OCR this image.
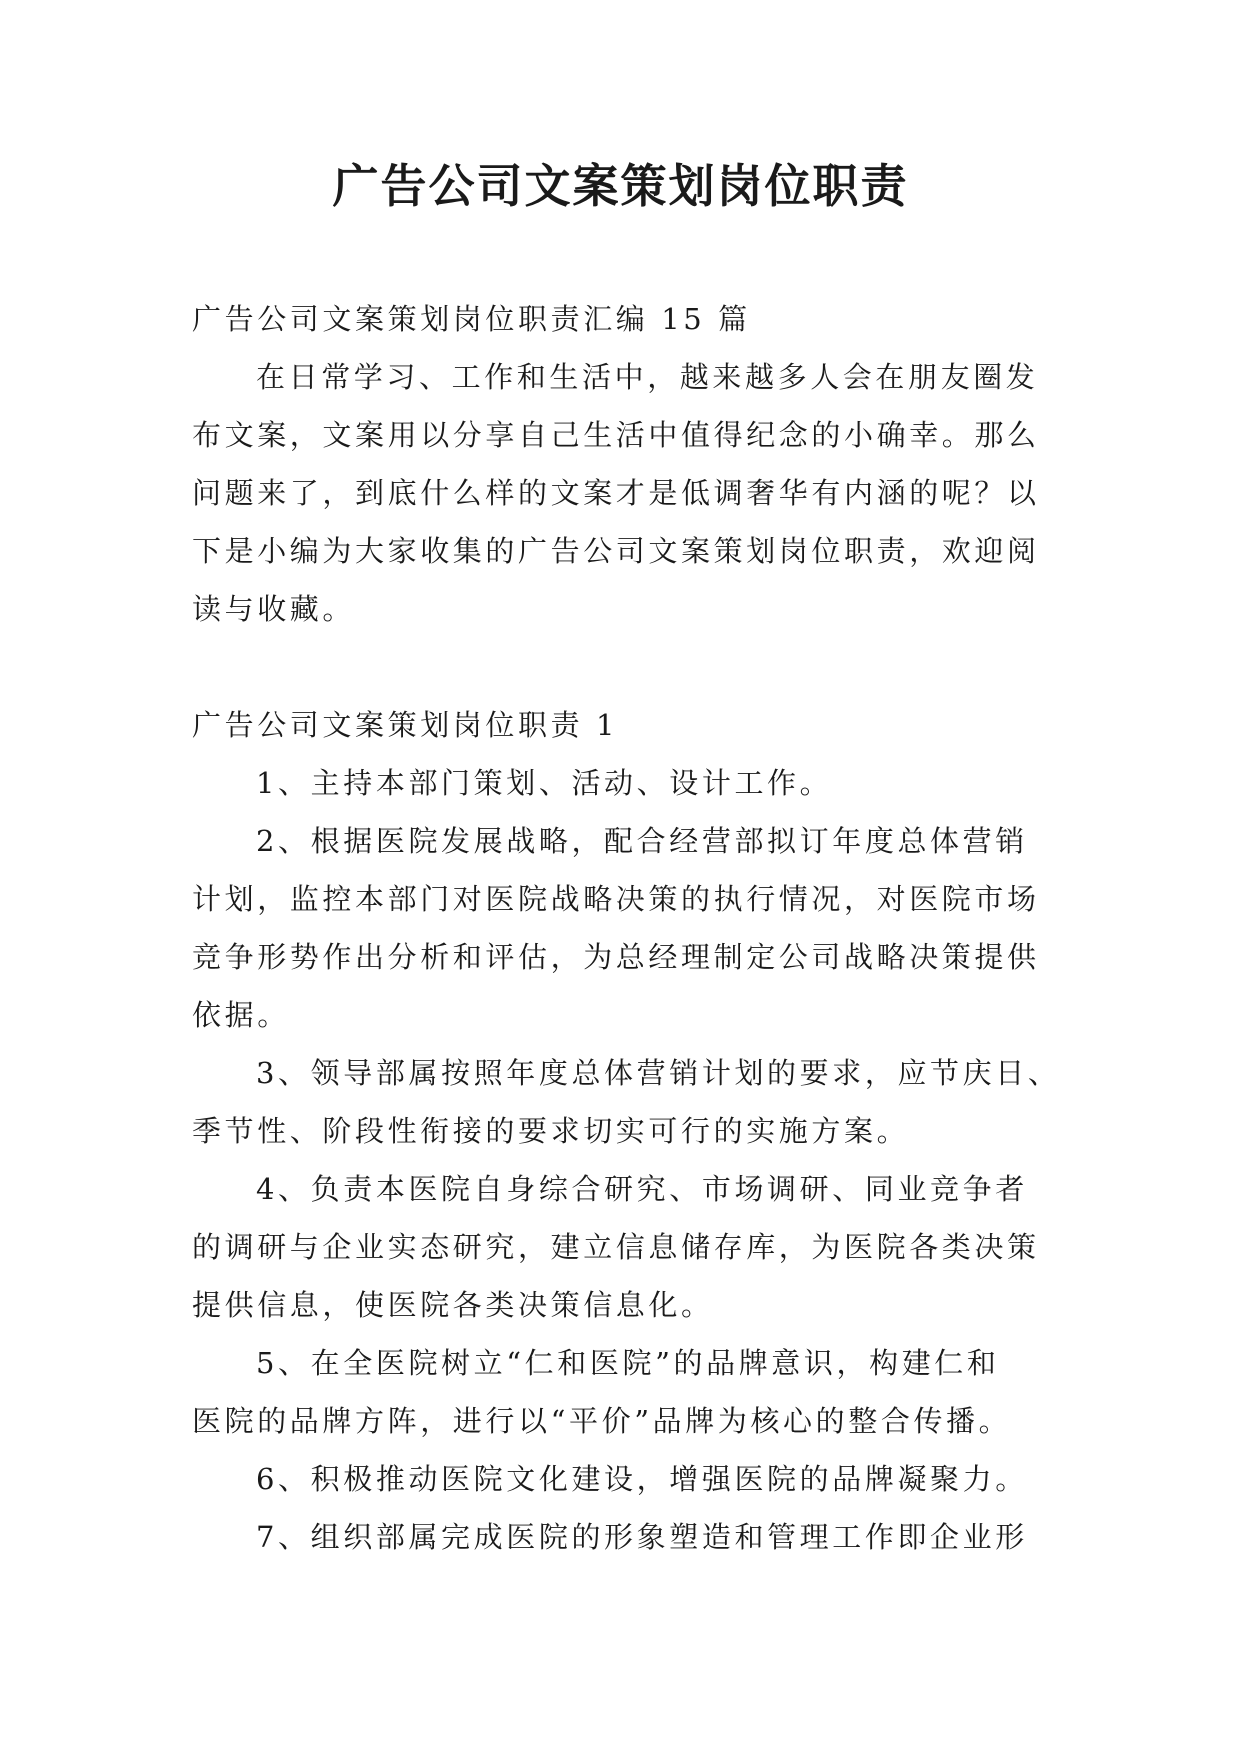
广告公司文案策划岗位职责
广告公司文案策划岗位职责汇编 15 篇
在日常学习、工作和生活中，越来越多人会在朋友圈发
布文案，文案用以分享自己生活中值得纪念的小确幸。那么
问题来了，到底什么样的文案才是低调奢华有内涵的呢？以
下是小编为大家收集的广告公司文案策划岗位职责，欢迎阅
读与收藏。
广告公司文案策划岗位职责 1
1、主持本部门策划、活动、设计工作。
2、根据医院发展战略，配合经营部拟订年度总体营销
计划，监控本部门对医院战略决策的执行情况，对医院市场
竞争形势作出分析和评估，为总经理制定公司战略决策提供
依据。
3、领导部属按照年度总体营销计划的要求，应节庆日、
季节性、阶段性衔接的要求切实可行的实施方案。
4、负责本医院自身综合研究、市场调研、同业竞争者
的调研与企业实态研究，建立信息储存库，为医院各类决策
提供信息，使医院各类决策信息化。
5、在全医院树立“仁和医院”的品牌意识，构建仁和
医院的品牌方阵，进行以“平价”品牌为核心的整合传播。
6、积极推动医院文化建设，增强医院的品牌凝聚力。
7、组织部属完成医院的形象塑造和管理工作即企业形
